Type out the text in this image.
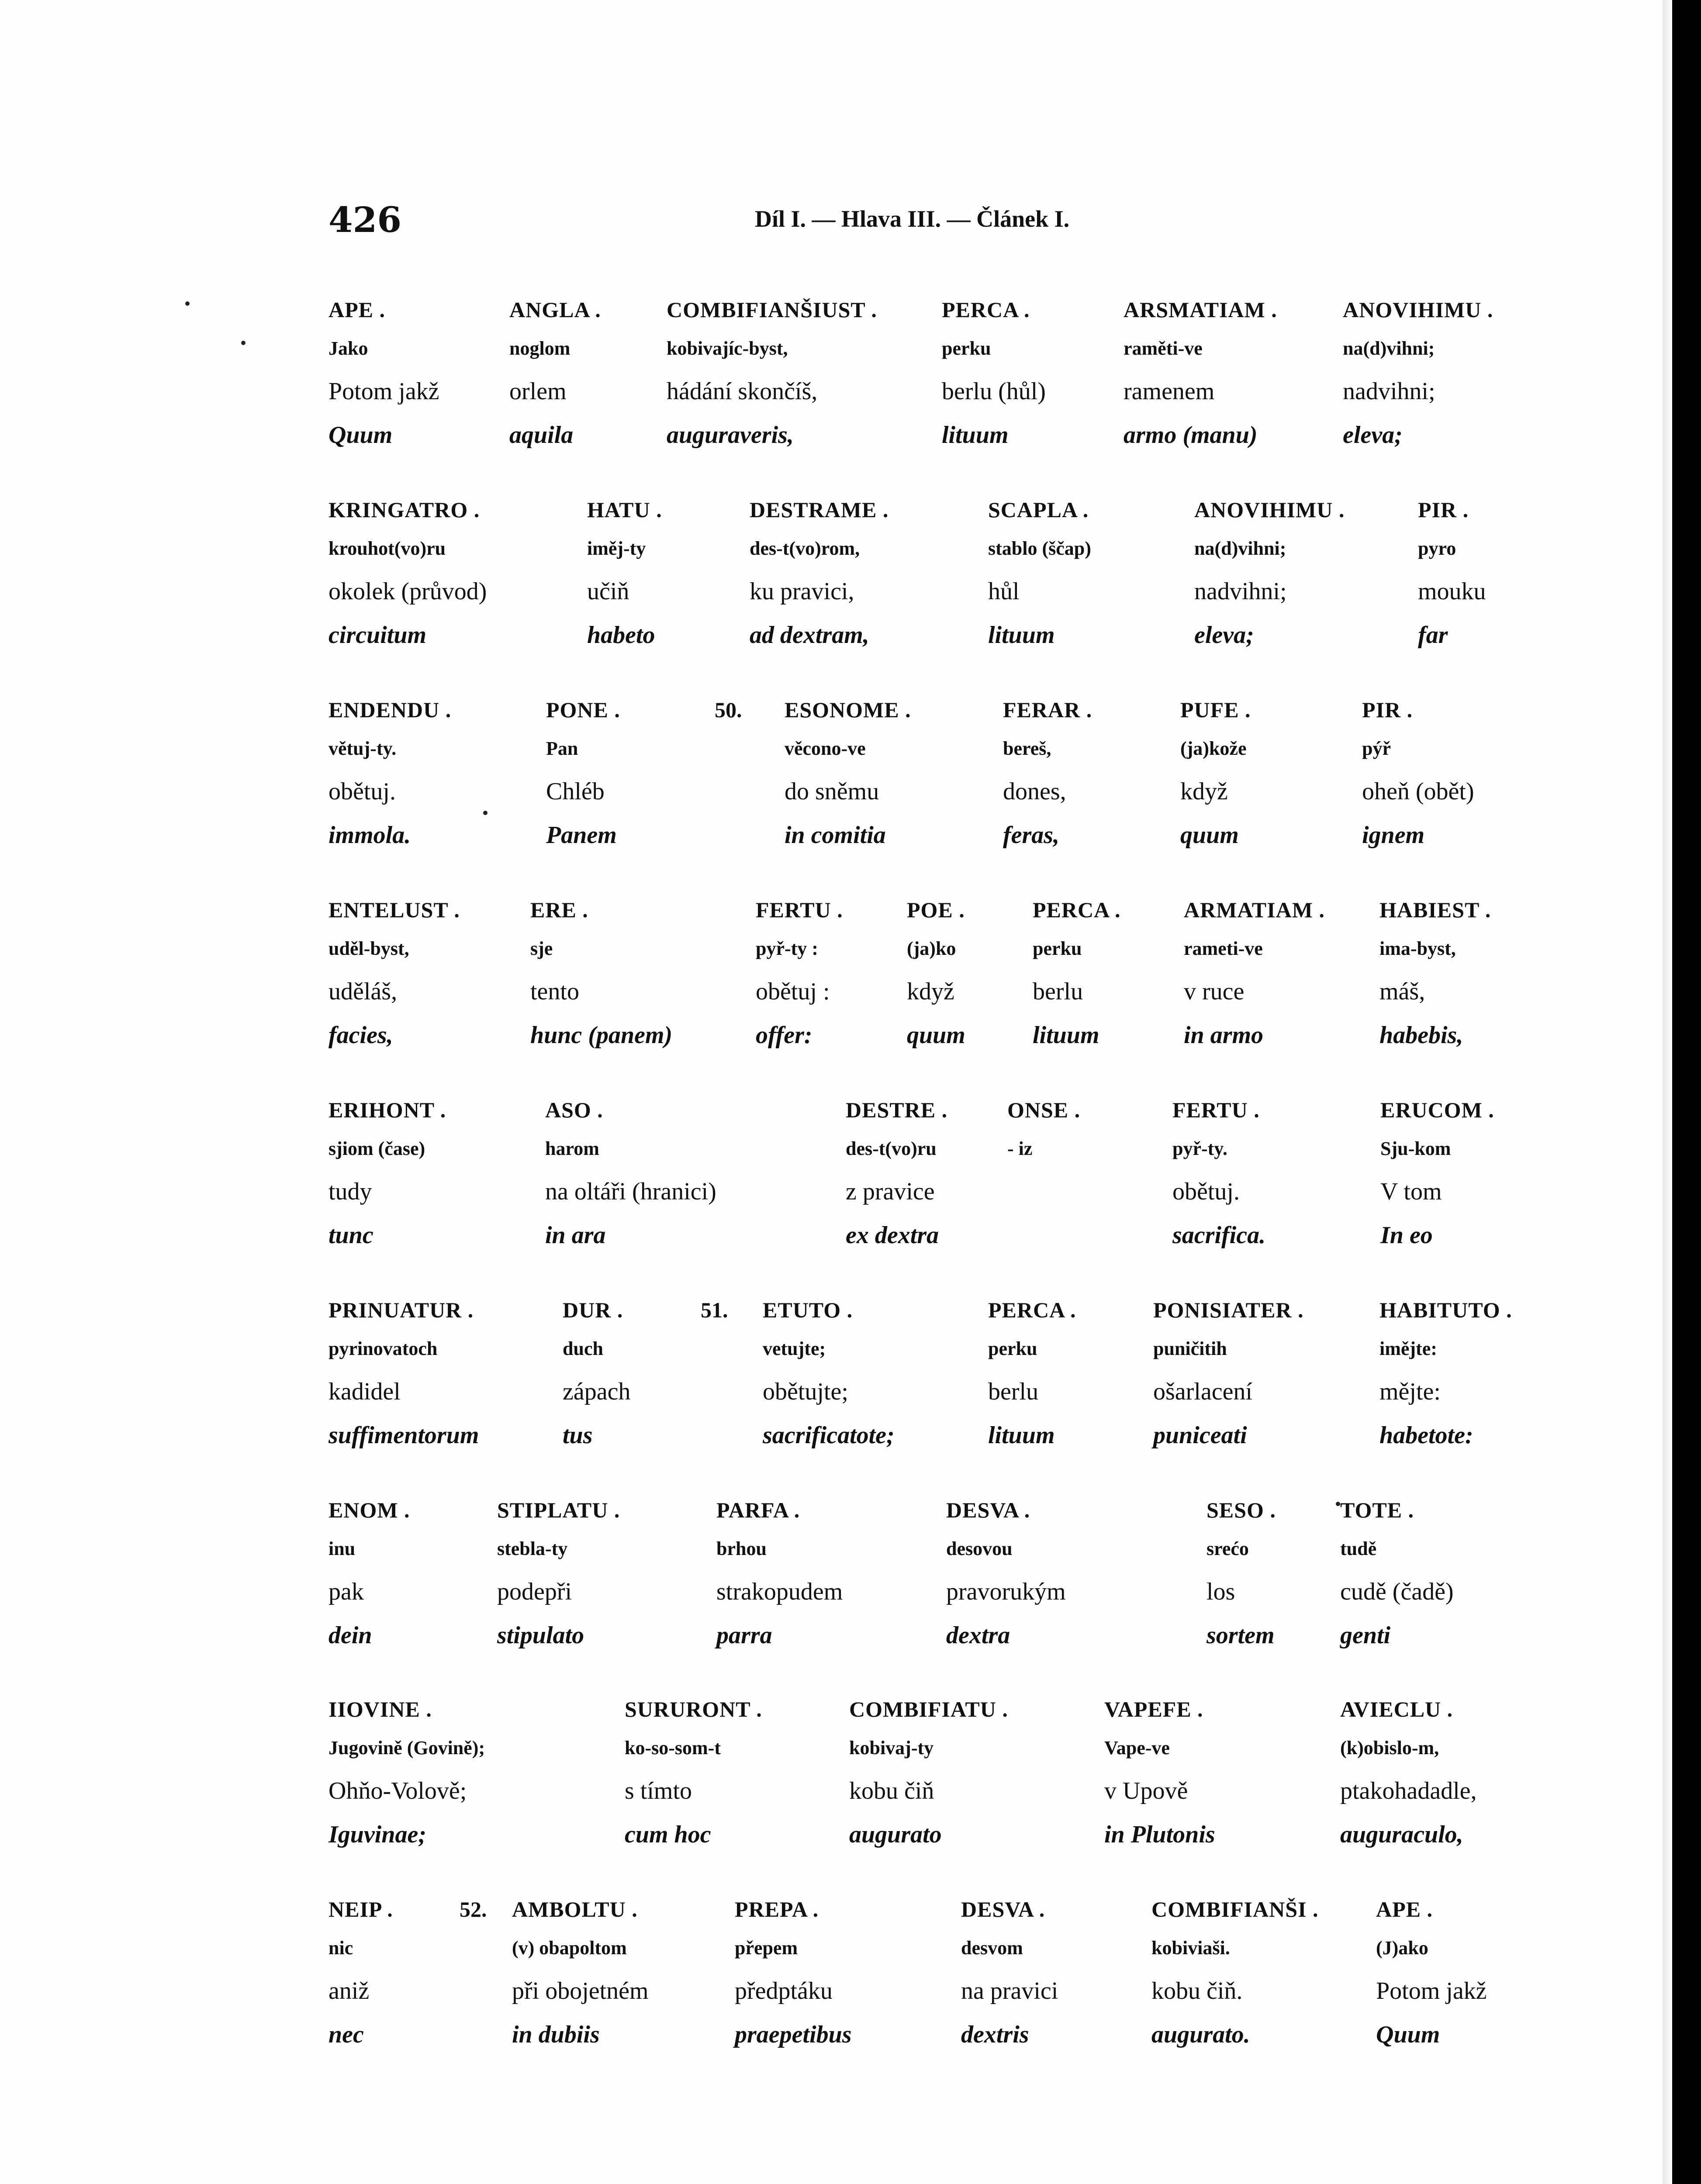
426	Díl I. — Hlava III. — Článek I.
APE .
Jako
Potom jakž
Quum
ANGLA .
noglom
orlem
aquila
COMBIFIANŠIUST .
kobivajíc-byst,
hádání skončíš,
auguraveris,
PERCA .
perku
berlu (hůl)
lituum
ARSMATIAM .
raměti-ve
ramenem
armo (manu)
ANOVIHIMU .
na(d)vihni;
nadvihni;
eleva;
KRINGATRO .
krouhot(vo)ru
okolek (průvod)
circuitum
HATU .
iměj-ty
učiň
habeto
DESTRAME .
des-t(vo)rom,
ku pravici,
ad dextram,
SCAPLA .
stablo (ščap)
hůl
lituum
ANOVIHIMU .
na(d)vihni;
nadvihni;
eleva;
PIR .
pyro
mouku
far
50.
ENDENDU .
větuj-ty.
obětuj.
immola.
PONE .
Pan
Chléb
Panem
ESONOME .
věcono-ve
do sněmu
in comitia
FERAR .
bereš,
dones,
feras,
PUFE .
(ja)kože
když
quum
PIR .
pýř
oheň (obět)
ignem
ENTELUST .
uděl-byst,
uděláš,
facies,
ERE .
sje
tento
hunc (panem)
FERTU .
pyř-ty :
obětuj :
offer:
POE .
(ja)ko
když
quum
PERCA .
perku
berlu
lituum
ARMATIAM .
rameti-ve
v ruce
in armo
HABIEST .
ima-byst,
máš,
habebis,
ERIHONT .
sjiom (čase)
tudy
tunc
ASO .
harom
na oltáři (hranici)
in ara
DESTRE .
des-t(vo)ru
z pravice
ex dextra
ONSE .
- iz
FERTU .
pyř-ty.
obětuj.
sacrifica.
ERUCOM .
Sju-kom
V tom
In eo
51.
PRINUATUR .
pyrinovatoch
kadidel
suffimentorum
DUR .
duch
zápach
tus
ETUTO .
vetujte;
obětujte;
sacrificatote;
PERCA .
perku
berlu
lituum
PONISIATER .
puničitih
ošarlacení
puniceati
HABITUTO .
imějte:
mějte:
habetote:
ENOM .
inu
pak
dein
STIPLATU .
stebla-ty
podepři
stipulato
PARFA .
brhou
strakopudem
parra
DESVA .
desovou
pravorukým
dextra
SESO .
srećo
los
sortem
TOTE .
tudě
cudě (čadě)
genti
IIOVINE .
Jugovině (Govině);
Ohňo-Volově;
Iguvinae;
SURURONT .
ko-so-som-t
s tímto
cum hoc
COMBIFIATU .
kobivaj-ty
kobu čiň
augurato
VAPEFE .
Vape-ve
v Upově
in Plutonis
AVIECLU .
(k)obislo-m,
ptakohadadle,
auguraculo,
52.
NEIP .
nic
aniž
nec
AMBOLTU .
(v) obapoltom
při obojetném
in dubiis
PREPA .
přepem
předptáku
praepetibus
DESVA .
desvom
na pravici
dextris
COMBIFIANŠI .
kobiviaši.
kobu čiň.
augurato.
APE .
(J)ako
Potom jakž
Quum
